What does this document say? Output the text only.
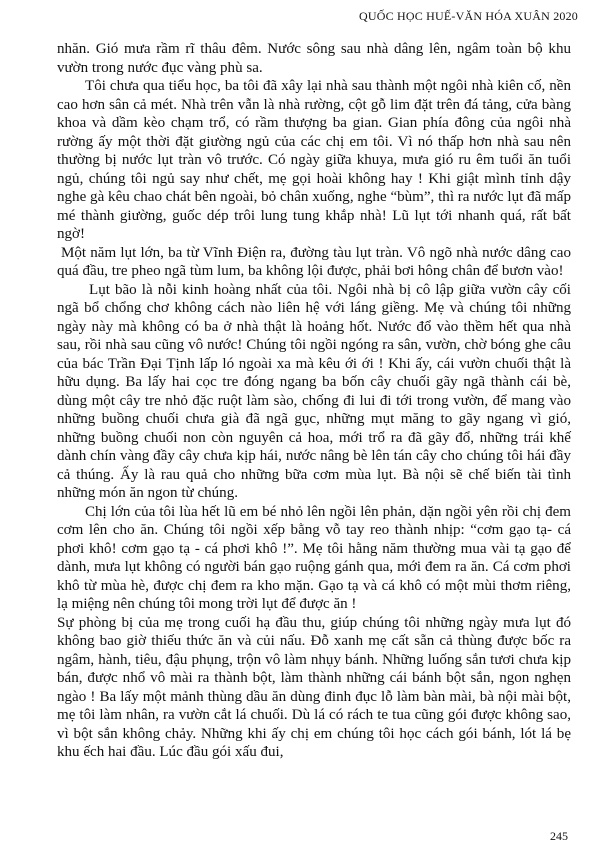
QUỐC HỌC HUẾ-VĂN HÓA XUÂN 2020

nhăn. Gió mưa rầm rĩ thâu đêm. Nước sông sau nhà dâng lên, ngâm toàn bộ khu vườn trong nước đục vàng phù sa.

Tôi chưa qua tiểu học, ba tôi đã xây lại nhà sau thành một ngôi nhà kiên cố, nền cao hơn sân cả mét. Nhà trên vẫn là nhà rường, cột gỗ lim đặt trên đá tảng, cửa bàng khoa và dầm kèo chạm trổ, có rầm thượng ba gian. Gian phía đông của ngôi nhà rường ấy một thời đặt giường ngủ của các chị em tôi. Vì nó thấp hơn nhà sau nên thường bị nước lụt tràn vô trước. Có ngày giữa khuya, mưa gió ru êm tuổi ăn tuổi ngủ, chúng tôi ngủ say như chết, mẹ gọi hoài không hay ! Khi giật mình tỉnh dậy nghe gà kêu chao chát bên ngoài, bỏ chân xuống, nghe “bùm”, thì ra nước lụt đã mấp mé thành giường, guốc dép trôi lung tung khắp nhà! Lũ lụt tới nhanh quá, rất bất ngờ!

Một năm lụt lớn, ba từ Vĩnh Điện ra, đường tàu lụt tràn. Vô ngõ nhà nước dâng cao quá đầu, tre pheo ngã tùm lum, ba không lội được, phải bơi hông chân để bươn vào!

Lụt bão là nỗi kinh hoàng nhất của tôi. Ngôi nhà bị cô lập giữa vườn cây cối ngã bổ chổng chơ không cách nào liên hệ với láng giềng. Mẹ và chúng tôi những ngày này mà không có ba ở nhà thật là hoảng hốt. Nước đổ vào thềm hết qua nhà sau, rồi nhà sau cũng vô nước! Chúng tôi ngồi ngóng ra sân, vườn, chờ bóng ghe câu của bác Trần Đại Tịnh lấp ló ngoài xa mà kêu ới ới ! Khi ấy, cái vườn chuối thật là hữu dụng. Ba lấy hai cọc tre đóng ngang ba bốn cây chuối gãy ngã thành cái bè, dùng một cây tre nhỏ đặc ruột làm sào, chống đi lui đi tới trong vườn, để mang vào những buồng chuối chưa già đã ngã gục, những mụt măng to gãy ngang vì gió, những buồng chuối non còn nguyên cả hoa, mới trổ ra đã gãy đổ, những trái khế dành chín vàng đầy cây chưa kịp hái, nước nâng bè lên tán cây cho chúng tôi hái đầy cả thúng. Ấy là rau quả cho những bữa cơm mùa lụt. Bà nội sẽ chế biến tài tình những món ăn ngon từ chúng.

Chị lớn của tôi lùa hết lũ em bé nhỏ lên ngồi lên phản, dặn ngồi yên rồi chị đem cơm lên cho ăn. Chúng tôi ngồi xếp bằng vỗ tay reo thành nhịp: “cơm gạo tạ- cá phơi khô! cơm gạo tạ - cá phơi khô !”. Mẹ tôi hằng năm thường mua vài tạ gạo để dành, mưa lụt không có người bán gạo ruộng gánh qua, mới đem ra ăn. Cá cơm phơi khô từ mùa hè, được chị đem ra kho mặn. Gạo tạ và cá khô có một mùi thơm riêng, lạ miệng nên chúng tôi mong trời lụt để được ăn !

Sự phòng bị của mẹ trong cuối hạ đầu thu, giúp chúng tôi những ngày mưa lụt đó không bao giờ thiếu thức ăn và củi nấu. Đỗ xanh mẹ cất sẵn cả thùng được bốc ra ngâm, hành, tiêu, đậu phụng, trộn vô làm nhụy bánh. Những luống sắn tươi chưa kịp bán, được nhổ vô mài ra thành bột, làm thành những cái bánh bột sắn, ngon nghẹn ngào ! Ba lấy một mảnh thùng dầu ăn dùng đinh đục lỗ làm bàn mài, bà nội mài bột, mẹ tôi làm nhân, ra vườn cắt lá chuối. Dù lá có rách te tua cũng gói được không sao, vì bột sắn không chảy. Những khi ấy chị em chúng tôi học cách gói bánh, lót lá bẹ khu ếch hai đầu. Lúc đầu gói xấu đui,

245
